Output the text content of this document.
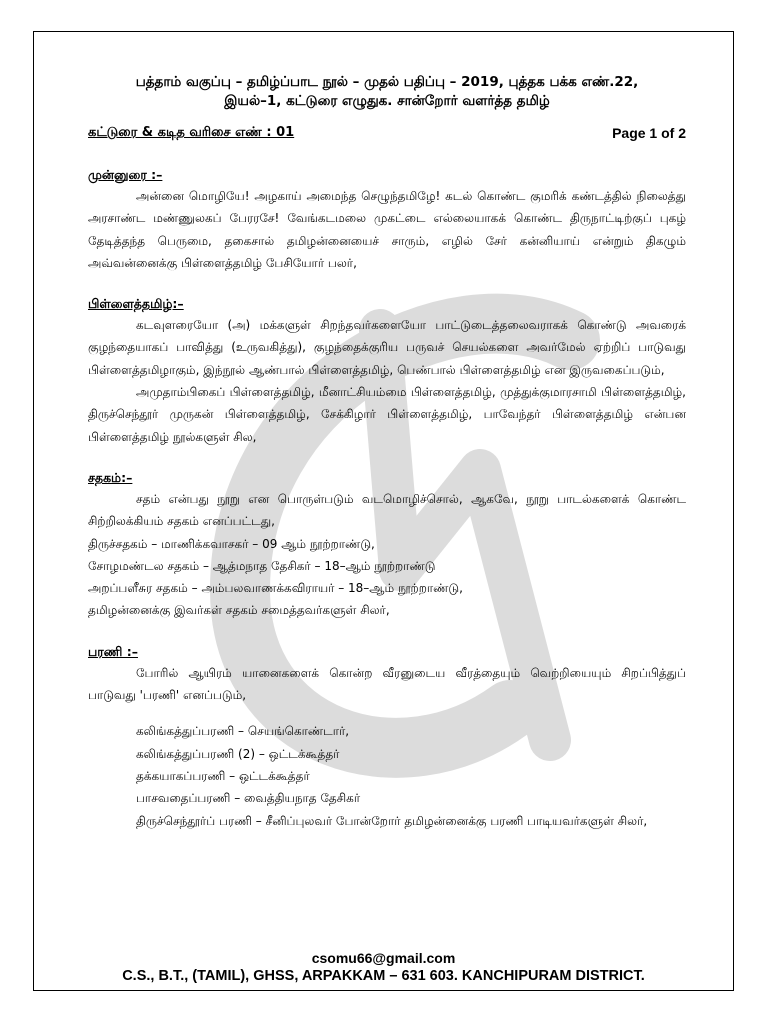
பத்தாம் வகுப்பு – தமிழ்ப்பாட நூல் – முதல் பதிப்பு – 2019, புத்தக பக்க எண்.22,
இயல்–1, கட்டுரை எழுதுக. சான்றோர் வளர்த்த தமிழ்
கட்டுரை & கடித வரிசை எண் : 01	Page 1 of 2
முன்னுரை :–
அன்னை மொழியே! அழகாய் அமைந்த செழுந்தமிழே! கடல் கொண்ட குமரிக் கண்டத்தில் நிலைத்து அரசாண்ட மண்ணுலகப் பேரரசே! வேங்கடமலை முகட்டை எல்லையாகக் கொண்ட திருநாட்டிற்குப் புகழ் தேடித்தந்த பெருமை, தகைசால் தமிழன்னையைச் சாரும், எழில் சேர் கன்னியாய் என்றும் திகழும் அவ்வன்னைக்கு பிள்ளைத்தமிழ் பேசியோர் பலர்,
பிள்ளைத்தமிழ்:–
கடவுளரையோ (அ) மக்களுள் சிறந்தவர்களையோ பாட்டுடைத்தலைவராகக் கொண்டு அவரைக் குழந்தையாகப் பாவித்து (உருவகித்து), குழந்தைக்குரிய பருவச் செயல்களை அவர்மேல் ஏற்றிப் பாடுவது பிள்ளைத்தமிழாகும், இந்நூல் ஆண்பால் பிள்ளைத்தமிழ், பெண்பால் பிள்ளைத்தமிழ் என இருவகைப்படும்,
அமுதாம்பிகைப் பிள்ளைத்தமிழ், மீனாட்சியம்மை பிள்ளைத்தமிழ், முத்துக்குமாரசாமி பிள்ளைத்தமிழ், திருச்செந்தூர் முருகன் பிள்ளைத்தமிழ், சேக்கிழார் பிள்ளைத்தமிழ், பாவேந்தர் பிள்ளைத்தமிழ் என்பன பிள்ளைத்தமிழ் நூல்களுள் சில,
சதகம்:–
சதம் என்பது நூறு என பொருள்படும் வடமொழிச்சொல், ஆகவே, நூறு பாடல்களைக் கொண்ட சிற்றிலக்கியம் சதகம் எனப்பட்டது,
திருச்சதகம் – மாணிக்கவாசகர் – 09 ஆம் நூற்றாண்டு,
சோழமண்டல சதகம் – ஆத்மநாத தேசிகர் – 18–ஆம் நூற்றாண்டு
அறப்பளீசுர சதகம் – அம்பலவாணக்கவிராயர் – 18–ஆம் நூற்றாண்டு,
தமிழன்னைக்கு இவர்கள் சதகம் சமைத்தவர்களுள் சிலர்,
பரணி :–
போரில் ஆயிரம் யானைகளைக் கொன்ற வீரனுடைய வீரத்தையும் வெற்றியையும் சிறப்பித்துப் பாடுவது 'பரணி' எனப்படும்,
கலிங்கத்துப்பரணி – செயங்கொண்டார்,
கலிங்கத்துப்பரணி (2) – ஒட்டக்கூத்தர்
தக்கயாகப்பரணி – ஒட்டக்கூத்தர்
பாசவதைப்பரணி – வைத்தியநாத தேசிகர்
திருச்செந்தூர்ப் பரணி – சீனிப்புலவர் போன்றோர் தமிழன்னைக்கு பரணி பாடியவர்களுள் சிலர்,
csomu66@gmail.com
C.S., B.T., (TAMIL), GHSS, ARPAKKAM – 631 603. KANCHIPURAM DISTRICT.
